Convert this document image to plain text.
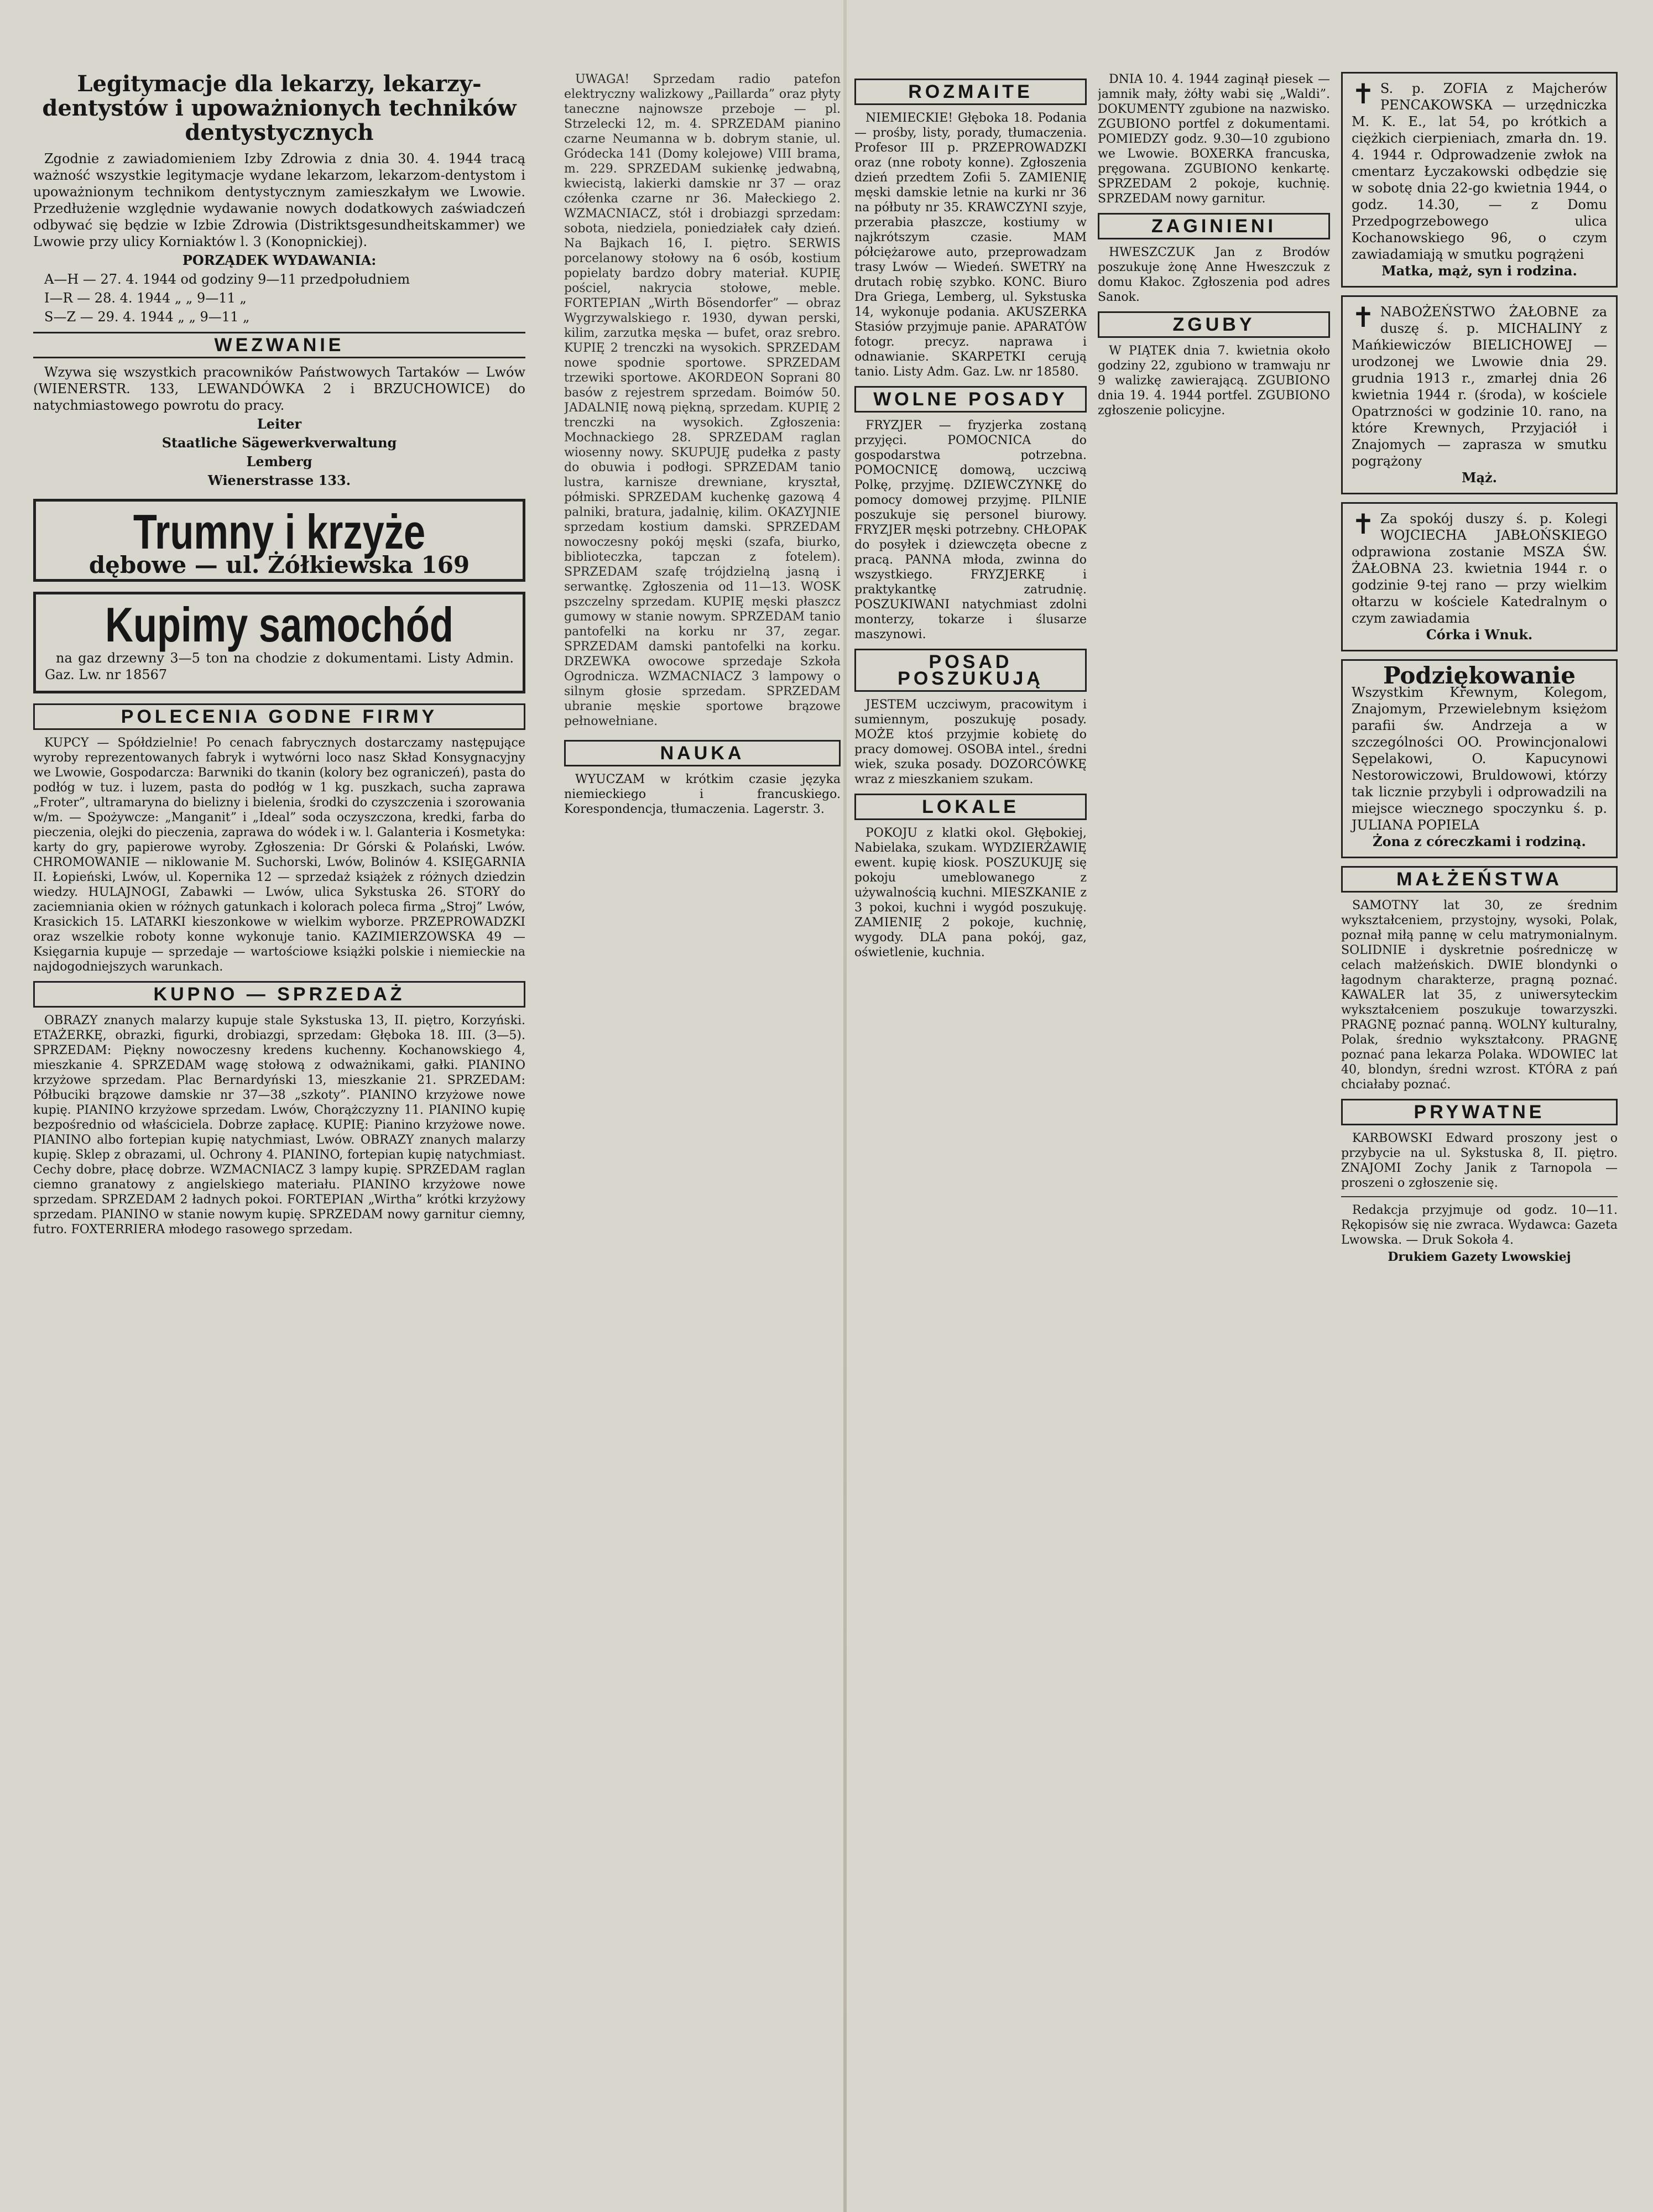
Legitymacje dla lekarzy, lekarzy-dentystów i upoważnionych techników dentystycznych

Zgodnie z zawiadomieniem Izby Zdrowia z dnia 30. 4. 1944 tracą ważność wszystkie legitymacje wydane lekarzom, lekarzom-dentystom i upoważnionym technikom dentystycznym zamieszkałym we Lwowie. Przedłużenie względnie wydawanie nowych dodatkowych zaświadczeń odbywać się będzie w Izbie Zdrowia (Distriktsgesundheitskammer) we Lwowie przy ulicy Korniaktów l. 3 (Konopnickiej).

PORZĄDEK WYDAWANIA:

A—H — 27. 4. 1944 od godziny 9—11 przedpołudniem

I—R — 28. 4. 1944 „ „ 9—11 „

S—Z — 29. 4. 1944 „ „ 9—11 „

WEZWANIE

Wzywa się wszystkich pracowników Państwowych Tartaków — Lwów (WIENERSTR. 133, LEWANDÓWKA 2 i BRZUCHOWICE) do natychmiastowego powrotu do pracy.

Leiter

Staatliche Sägewerkverwaltung

Lemberg

Wienerstrasse 133.

Trumny i krzyże
dębowe — ul. Żółkiewska 169
Kupimy samochód

na gaz drzewny 3—5 ton na chodzie z dokumentami. Listy Admin. Gaz. Lw. nr 18567

POLECENIA GODNE FIRMY

KUPCY — Spółdzielnie! Po cenach fabrycznych dostarczamy następujące wyroby reprezentowanych fabryk i wytwórni loco nasz Skład Konsygnacyjny we Lwowie, Gospodarcza: Barwniki do tkanin (kolory bez ograniczeń), pasta do podłóg w tuz. i luzem, pasta do podłóg w 1 kg. puszkach, sucha zaprawa „Froter”, ultramaryna do bielizny i bielenia, środki do czyszczenia i szorowania w/m. — Spożywcze: „Manganit” i „Ideal” soda oczyszczona, kredki, farba do pieczenia, olejki do pieczenia, zaprawa do wódek i w. l. Galanteria i Kosmetyka: karty do gry, papierowe wyroby. Zgłoszenia: Dr Górski & Polański, Lwów. CHROMOWANIE — niklowanie M. Suchorski, Lwów, Bolinów 4. KSIĘGARNIA II. Łopieński, Lwów, ul. Kopernika 12 — sprzedaż książek z różnych dziedzin wiedzy. HULAJNOGI, Zabawki — Lwów, ulica Sykstuska 26. STORY do zaciemniania okien w różnych gatunkach i kolorach poleca firma „Stroj” Lwów, Krasickich 15. LATARKI kieszonkowe w wielkim wyborze. PRZEPROWADZKI oraz wszelkie roboty konne wykonuje tanio. KAZIMIERZOWSKA 49 — Księgarnia kupuje — sprzedaje — wartościowe książki polskie i niemieckie na najdogodniejszych warunkach.

KUPNO — SPRZEDAŻ

OBRAZY znanych malarzy kupuje stale Sykstuska 13, II. piętro, Korzyński. ETAŻERKĘ, obrazki, figurki, drobiazgi, sprzedam: Głęboka 18. III. (3—5). SPRZEDAM: Piękny nowoczesny kredens kuchenny. Kochanowskiego 4, mieszkanie 4. SPRZEDAM wagę stołową z odważnikami, gałki. PIANINO krzyżowe sprzedam. Plac Bernardyński 13, mieszkanie 21. SPRZEDAM: Półbuciki brązowe damskie nr 37—38 „szkoty”. PIANINO krzyżowe nowe kupię. PIANINO krzyżowe sprzedam. Lwów, Chorążczyzny 11. PIANINO kupię bezpośrednio od właściciela. Dobrze zapłacę. KUPIĘ: Pianino krzyżowe nowe. PIANINO albo fortepian kupię natychmiast, Lwów. OBRAZY znanych malarzy kupię. Sklep z obrazami, ul. Ochrony 4. PIANINO, fortepian kupię natychmiast. Cechy dobre, płacę dobrze. WZMACNIACZ 3 lampy kupię. SPRZEDAM raglan ciemno granatowy z angielskiego materiału. PIANINO krzyżowe nowe sprzedam. SPRZEDAM 2 ładnych pokoi. FORTEPIAN „Wirtha” krótki krzyżowy sprzedam. PIANINO w stanie nowym kupię. SPRZEDAM nowy garnitur ciemny, futro. FOXTERRIERA młodego rasowego sprzedam.

UWAGA! Sprzedam radio patefon elektryczny walizkowy „Paillarda” oraz płyty taneczne najnowsze przeboje — pl. Strzelecki 12, m. 4. SPRZEDAM pianino czarne Neumanna w b. dobrym stanie, ul. Gródecka 141 (Domy kolejowe) VIII brama, m. 229. SPRZEDAM sukienkę jedwabną, kwiecistą, lakierki damskie nr 37 — oraz czółenka czarne nr 36. Małeckiego 2. WZMACNIACZ, stół i drobiazgi sprzedam: sobota, niedziela, poniedziałek cały dzień. Na Bajkach 16, I. piętro. SERWIS porcelanowy stołowy na 6 osób, kostium popielaty bardzo dobry materiał. KUPIĘ pościel, nakrycia stołowe, meble. FORTEPIAN „Wirth Bösendorfer” — obraz Wygrzywalskiego r. 1930, dywan perski, kilim, zarzutka męska — bufet, oraz srebro. KUPIĘ 2 trenczki na wysokich. SPRZEDAM nowe spodnie sportowe. SPRZEDAM trzewiki sportowe. AKORDEON Soprani 80 basów z rejestrem sprzedam. Boimów 50. JADALNIĘ nową piękną, sprzedam. KUPIĘ 2 trenczki na wysokich. Zgłoszenia: Mochnackiego 28. SPRZEDAM raglan wiosenny nowy. SKUPUJĘ pudełka z pasty do obuwia i podłogi. SPRZEDAM tanio lustra, karnisze drewniane, kryształ, półmiski. SPRZEDAM kuchenkę gazową 4 palniki, bratura, jadalnię, kilim. OKAZYJNIE sprzedam kostium damski. SPRZEDAM nowoczesny pokój męski (szafa, biurko, biblioteczka, tapczan z fotelem). SPRZEDAM szafę trójdzielną jasną i serwantkę. Zgłoszenia od 11—13. WOSK pszczelny sprzedam. KUPIĘ męski płaszcz gumowy w stanie nowym. SPRZEDAM tanio pantofelki na korku nr 37, zegar. SPRZEDAM damski pantofelki na korku. DRZEWKA owocowe sprzedaje Szkoła Ogrodnicza. WZMACNIACZ 3 lampowy o silnym głosie sprzedam. SPRZEDAM ubranie męskie sportowe brązowe pełnowełniane.

NAUKA

WYUCZAM w krótkim czasie języka niemieckiego i francuskiego. Korespondencja, tłumaczenia. Lagerstr. 3.

ROZMAITE

NIEMIECKIE! Głęboka 18. Podania — prośby, listy, porady, tłumaczenia. Profesor III p. PRZEPROWADZKI oraz (nne roboty konne). Zgłoszenia dzień przedtem Zofii 5. ZAMIENIĘ męski damskie letnie na kurki nr 36 na półbuty nr 35. KRAWCZYNI szyje, przerabia płaszcze, kostiumy w najkrótszym czasie. MAM półciężarowe auto, przeprowadzam trasy Lwów — Wiedeń. SWETRY na drutach robię szybko. KONC. Biuro Dra Griega, Lemberg, ul. Sykstuska 14, wykonuje podania. AKUSZERKA Stasiów przyjmuje panie. APARATÓW fotogr. precyz. naprawa i odnawianie. SKARPETKI cerują tanio. Listy Adm. Gaz. Lw. nr 18580.

WOLNE POSADY

FRYZJER — fryzjerka zostaną przyjęci. POMOCNICA do gospodarstwa potrzebna. POMOCNICĘ domową, uczciwą Polkę, przyjmę. DZIEWCZYNKĘ do pomocy domowej przyjmę. PILNIE poszukuje się personel biurowy. FRYZJER męski potrzebny. CHŁOPAK do posyłek i dziewczęta obecne z pracą. PANNA młoda, zwinna do wszystkiego. FRYZJERKĘ i praktykantkę zatrudnię. POSZUKIWANI natychmiast zdolni monterzy, tokarze i ślusarze maszynowi.

POSAD POSZUKUJĄ

JESTEM uczciwym, pracowitym i sumiennym, poszukuję posady. MOŻE ktoś przyjmie kobietę do pracy domowej. OSOBA intel., średni wiek, szuka posady. DOZORCÓWKĘ wraz z mieszkaniem szukam.

LOKALE

POKOJU z klatki okol. Głębokiej, Nabielaka, szukam. WYDZIERŻAWIĘ ewent. kupię kiosk. POSZUKUJĘ się pokoju umeblowanego z używalnością kuchni. MIESZKANIE z 3 pokoi, kuchni i wygód poszukuję. ZAMIENIĘ 2 pokoje, kuchnię, wygody. DLA pana pokój, gaz, oświetlenie, kuchnia.

DNIA 10. 4. 1944 zaginął piesek — jamnik mały, żółty wabi się „Waldi”. DOKUMENTY zgubione na nazwisko. ZGUBIONO portfel z dokumentami. POMIEDZY godz. 9.30—10 zgubiono we Lwowie. BOXERKA francuska, pręgowana. ZGUBIONO kenkartę. SPRZEDAM 2 pokoje, kuchnię. SPRZEDAM nowy garnitur.

ZAGINIENI

HWESZCZUK Jan z Brodów poszukuje żonę Anne Hweszczuk z domu Kłakoc. Zgłoszenia pod adres Sanok.

ZGUBY

W PIĄTEK dnia 7. kwietnia około godziny 22, zgubiono w tramwaju nr 9 walizkę zawierającą. ZGUBIONO dnia 19. 4. 1944 portfel. ZGUBIONO zgłoszenie policyjne.

✝ S. p. ZOFIA z Majcherów PENCAKOWSKA — urzędniczka M. K. E., lat 54, po krótkich a ciężkich cierpieniach, zmarła dn. 19. 4. 1944 r. Odprowadzenie zwłok na cmentarz Łyczakowski odbędzie się w sobotę dnia 22-go kwietnia 1944, o godz. 14.30, — z Domu Przedpogrzebowego ulica Kochanowskiego 96, o czym zawiadamiają w smutku pogrążeni
Matka, mąż, syn i rodzina.
✝ NABOŻEŃSTWO ŻAŁOBNE za duszę ś. p. MICHALINY z Mańkiewiczów BIELICHOWEJ — urodzonej we Lwowie dnia 29. grudnia 1913 r., zmarłej dnia 26 kwietnia 1944 r. (środa), w kościele Opatrzności w godzinie 10. rano, na które Krewnych, Przyjaciół i Znajomych — zaprasza w smutku pogrążony
Mąż.
✝ Za spokój duszy ś. p. Kolegi WOJCIECHA JABŁOŃSKIEGO odprawiona zostanie MSZA ŚW. ŻAŁOBNA 23. kwietnia 1944 r. o godzinie 9-tej rano — przy wielkim ołtarzu w kościele Katedralnym o czym zawiadamia
Córka i Wnuk.
Podziękowanie
Wszystkim Krewnym, Kolegom, Znajomym, Przewielebnym księżom parafii św. Andrzeja a w szczególności OO. Prowincjonalowi Sępelakowi, O. Kapucynowi Nestorowiczowi, Bruldowowi, którzy tak licznie przybyli i odprowadzili na miejsce wiecznego spoczynku ś. p. JULIANA POPIELA
Żona z córeczkami i rodziną.
MAŁŻEŃSTWA

SAMOTNY lat 30, ze średnim wykształceniem, przystojny, wysoki, Polak, poznał miłą pannę w celu matrymonialnym. SOLIDNIE i dyskretnie pośredniczę w celach małżeńskich. DWIE blondynki o łagodnym charakterze, pragną poznać. KAWALER lat 35, z uniwersyteckim wykształceniem poszukuje towarzyszki. PRAGNĘ poznać panną. WOLNY kulturalny, Polak, średnio wykształcony. PRAGNĘ poznać pana lekarza Polaka. WDOWIEC lat 40, blondyn, średni wzrost. KTÓRA z pań chciałaby poznać.

PRYWATNE

KARBOWSKI Edward proszony jest o przybycie na ul. Sykstuska 8, II. piętro. ZNAJOMI Zochy Janik z Tarnopola — proszeni o zgłoszenie się.

Redakcja przyjmuje od godz. 10—11. Rękopisów się nie zwraca. Wydawca: Gazeta Lwowska. — Druk Sokoła 4.

Drukiem Gazety Lwowskiej
